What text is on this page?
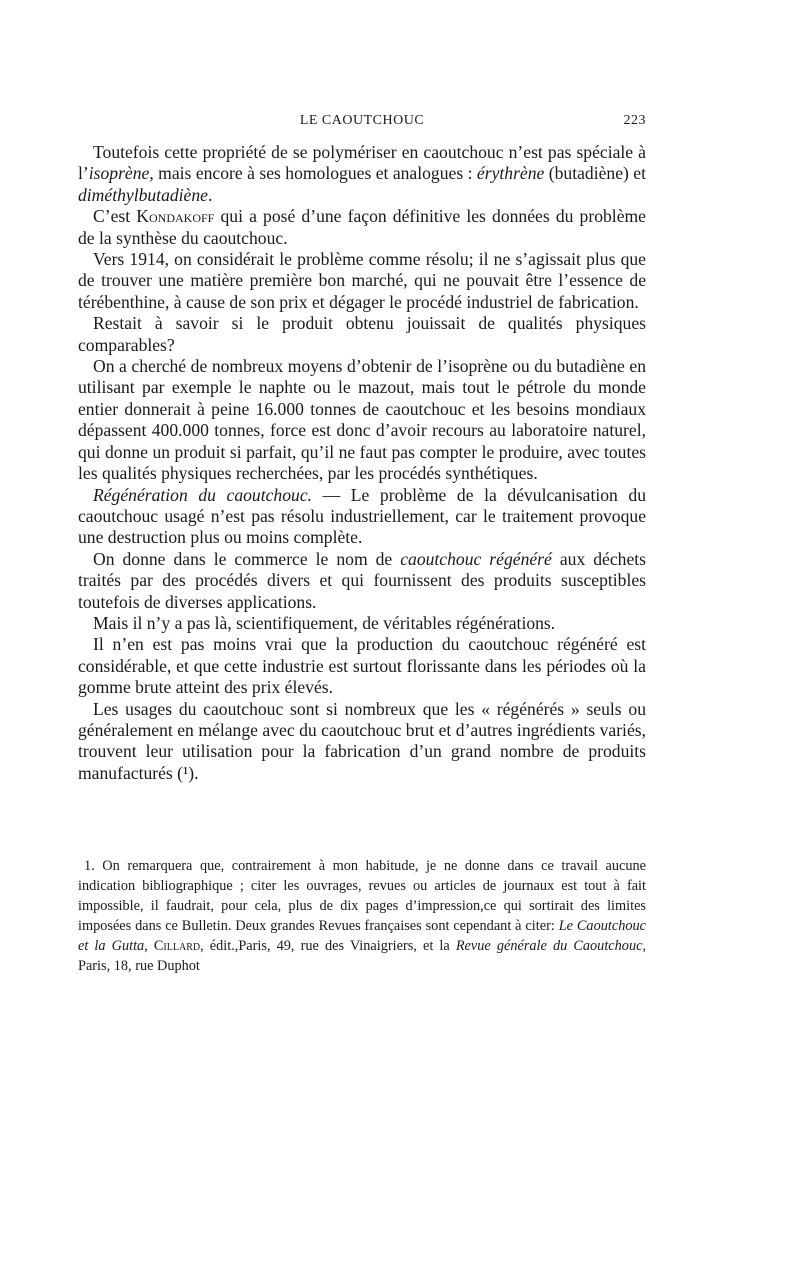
LE CAOUTCHOUC	223

Toutefois cette propriété de se polymériser en caoutchouc n’est pas spéciale à l’isoprène, mais encore à ses homologues et analogues : érythrène (butadiène) et diméthylbutadiène.

C’est Kondakoff qui a posé d’une façon définitive les données du problème de la synthèse du caoutchouc.

Vers 1914, on considérait le problème comme résolu; il ne s’agissait plus que de trouver une matière première bon marché, qui ne pouvait être l’essence de térébenthine, à cause de son prix et dégager le procédé industriel de fabrication.

Restait à savoir si le produit obtenu jouissait de qualités physiques comparables?

On a cherché de nombreux moyens d’obtenir de l’isoprène ou du butadiène en utilisant par exemple le naphte ou le mazout, mais tout le pétrole du monde entier donnerait à peine 16.000 tonnes de caoutchouc et les besoins mondiaux dépassent 400.000 tonnes, force est donc d’avoir recours au laboratoire naturel, qui donne un produit si parfait, qu’il ne faut pas compter le produire, avec toutes les qualités physiques recherchées, par les procédés synthétiques.

Régénération du caoutchouc. — Le problème de la dévulcanisation du caoutchouc usagé n’est pas résolu industriellement, car le traitement provoque une destruction plus ou moins complète.

On donne dans le commerce le nom de caoutchouc régénéré aux déchets traités par des procédés divers et qui fournissent des produits susceptibles toutefois de diverses applications.

Mais il n’y a pas là, scientifiquement, de véritables régénérations.

Il n’en est pas moins vrai que la production du caoutchouc régénéré est considérable, et que cette industrie est surtout florissante dans les périodes où la gomme brute atteint des prix élevés.

Les usages du caoutchouc sont si nombreux que les « régénérés » seuls ou généralement en mélange avec du caoutchouc brut et d’autres ingrédients variés, trouvent leur utilisation pour la fabrication d’un grand nombre de produits manufacturés (¹).

1. On remarquera que, contrairement à mon habitude, je ne donne dans ce travail aucune indication bibliographique ; citer les ouvrages, revues ou articles de journaux est tout à fait impossible, il faudrait, pour cela, plus de dix pages d’impression,ce qui sortirait des limites imposées dans ce Bulletin. Deux grandes Revues françaises sont cependant à citer: Le Caoutchouc et la Gutta, Cillard, édit.,Paris, 49, rue des Vinaigriers, et la Revue générale du Caoutchouc, Paris, 18, rue Duphot
